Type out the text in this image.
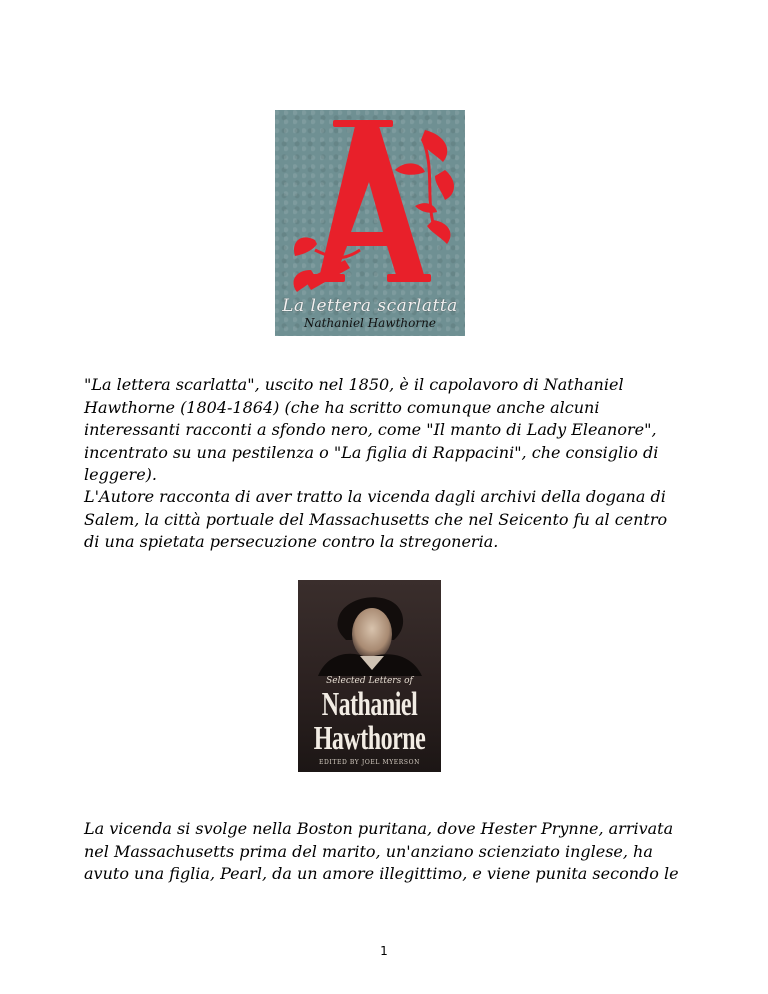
La lettera scarlatta
Nathaniel Hawthorne

"La lettera scarlatta", uscito nel 1850, è il capolavoro di Nathaniel Hawthorne (1804-1864) (che ha scritto comunque anche alcuni interessanti racconti a sfondo nero, come "Il manto di Lady Eleanore", incentrato su una pestilenza o "La figlia di Rappacini", che consiglio di leggere).

L'Autore racconta di aver tratto la vicenda dagli archivi della dogana di Salem, la città portuale del Massachusetts che nel Seicento fu al centro di una spietata persecuzione contro la stregoneria.

Selected Letters of
Nathaniel
Hawthorne
EDITED BY JOEL MYERSON

La vicenda si svolge nella Boston puritana, dove Hester Prynne, arrivata nel Massachusetts prima del marito, un'anziano scienziato inglese, ha avuto una figlia, Pearl, da un amore illegittimo, e viene punita secondo le

1
